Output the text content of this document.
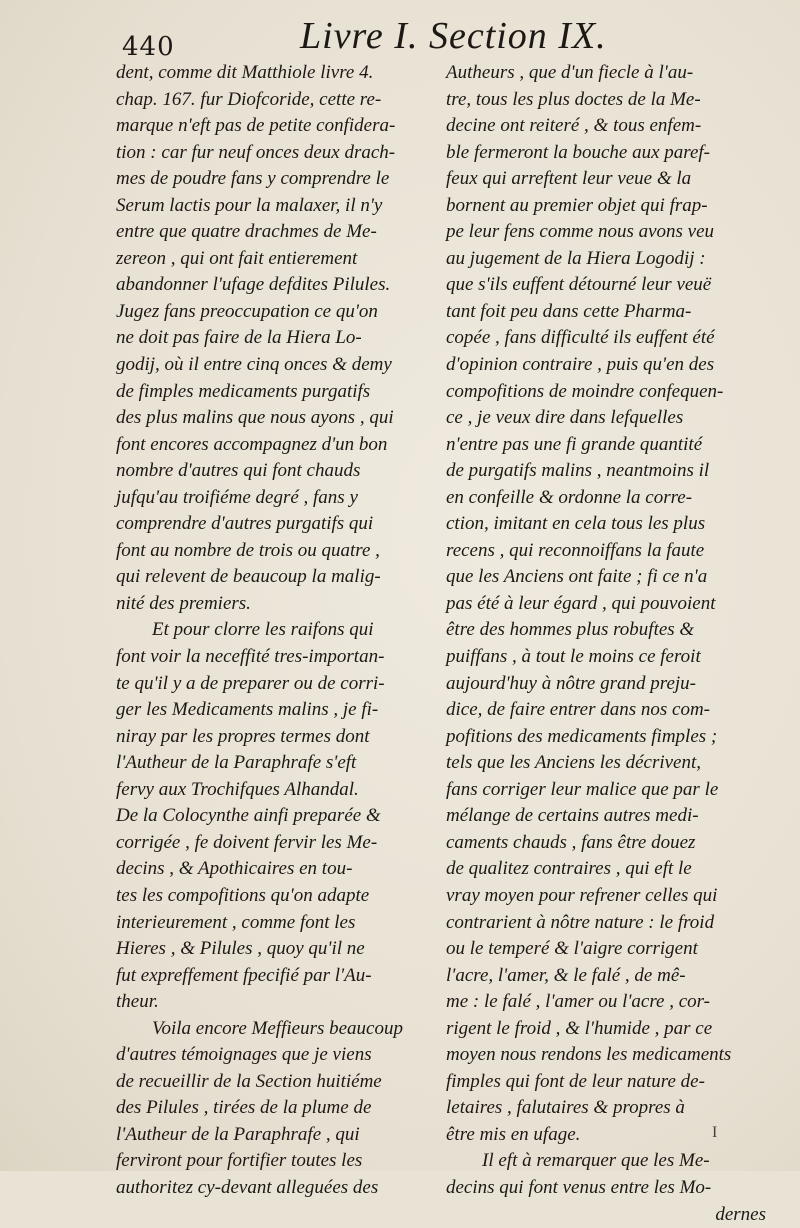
440	Livre I. Section IX.
dent, comme dit Matthiole livre 4.
chap. 167. fur Diofcoride, cette re-
marque n'eft pas de petite confidera-
tion : car fur neuf onces deux drach-
mes de poudre fans y comprendre le
Serum lactis pour la malaxer, il n'y
entre que quatre drachmes de Me-
zereon , qui ont fait entierement
abandonner l'ufage defdites Pilules.
Jugez fans preoccupation ce qu'on
ne doit pas faire de la Hiera Lo-
godij, où il entre cinq onces & demy
de fimples medicaments purgatifs
des plus malins que nous ayons , qui
font encores accompagnez d'un bon
nombre d'autres qui font chauds
jufqu'au troifiéme degré , fans y
comprendre d'autres purgatifs qui
font au nombre de trois ou quatre ,
qui relevent de beaucoup la malig-
nité des premiers.
Et pour clorre les raifons qui
font voir la neceffité tres-importan-
te qu'il y a de preparer ou de corri-
ger les Medicaments malins , je fi-
niray par les propres termes dont
l'Autheur de la Paraphrafe s'eft
fervy aux Trochifques Alhandal.
De la Colocynthe ainfi preparée &
corrigée , fe doivent fervir les Me-
decins , & Apothicaires en tou-
tes les compofitions qu'on adapte
interieurement , comme font les
Hieres , & Pilules , quoy qu'il ne
fut expreffement fpecifié par l'Au-
theur.
Voila encore Meffieurs beaucoup
d'autres témoignages que je viens
de recueillir de la Section huitiéme
des Pilules , tirées de la plume de
l'Autheur de la Paraphrafe , qui
ferviront pour fortifier toutes les
authoritez cy-devant alleguées des
Autheurs , que d'un fiecle à l'au-
tre, tous les plus doctes de la Me-
decine ont reiteré , & tous enfem-
ble fermeront la bouche aux paref-
feux qui arreftent leur veue & la
bornent au premier objet qui frap-
pe leur fens comme nous avons veu
au jugement de la Hiera Logodij :
que s'ils euffent détourné leur veuë
tant foit peu dans cette Pharma-
copée , fans difficulté ils euffent été
d'opinion contraire , puis qu'en des
compofitions de moindre confequen-
ce , je veux dire dans lefquelles
n'entre pas une fi grande quantité
de purgatifs malins , neantmoins il
en confeille & ordonne la corre-
ction, imitant en cela tous les plus
recens , qui reconnoiffans la faute
que les Anciens ont faite ; fi ce n'a
pas été à leur égard , qui pouvoient
être des hommes plus robuftes &
puiffans , à tout le moins ce feroit
aujourd'huy à nôtre grand preju-
dice, de faire entrer dans nos com-
pofitions des medicaments fimples ;
tels que les Anciens les décrivent,
fans corriger leur malice que par le
mélange de certains autres medi-
caments chauds , fans être douez
de qualitez contraires , qui eft le
vray moyen pour refrener celles qui
contrarient à nôtre nature : le froid
ou le temperé & l'aigre corrigent
l'acre, l'amer, & le falé , de mê-
me : le falé , l'amer ou l'acre , cor-
rigent le froid , & l'humide , par ce
moyen nous rendons les medicaments
fimples qui font de leur nature de-
letaires , falutaires & propres à
être mis en ufage.
Il eft à remarquer que les Me-
decins qui font venus entre les Mo-
dernes
I
